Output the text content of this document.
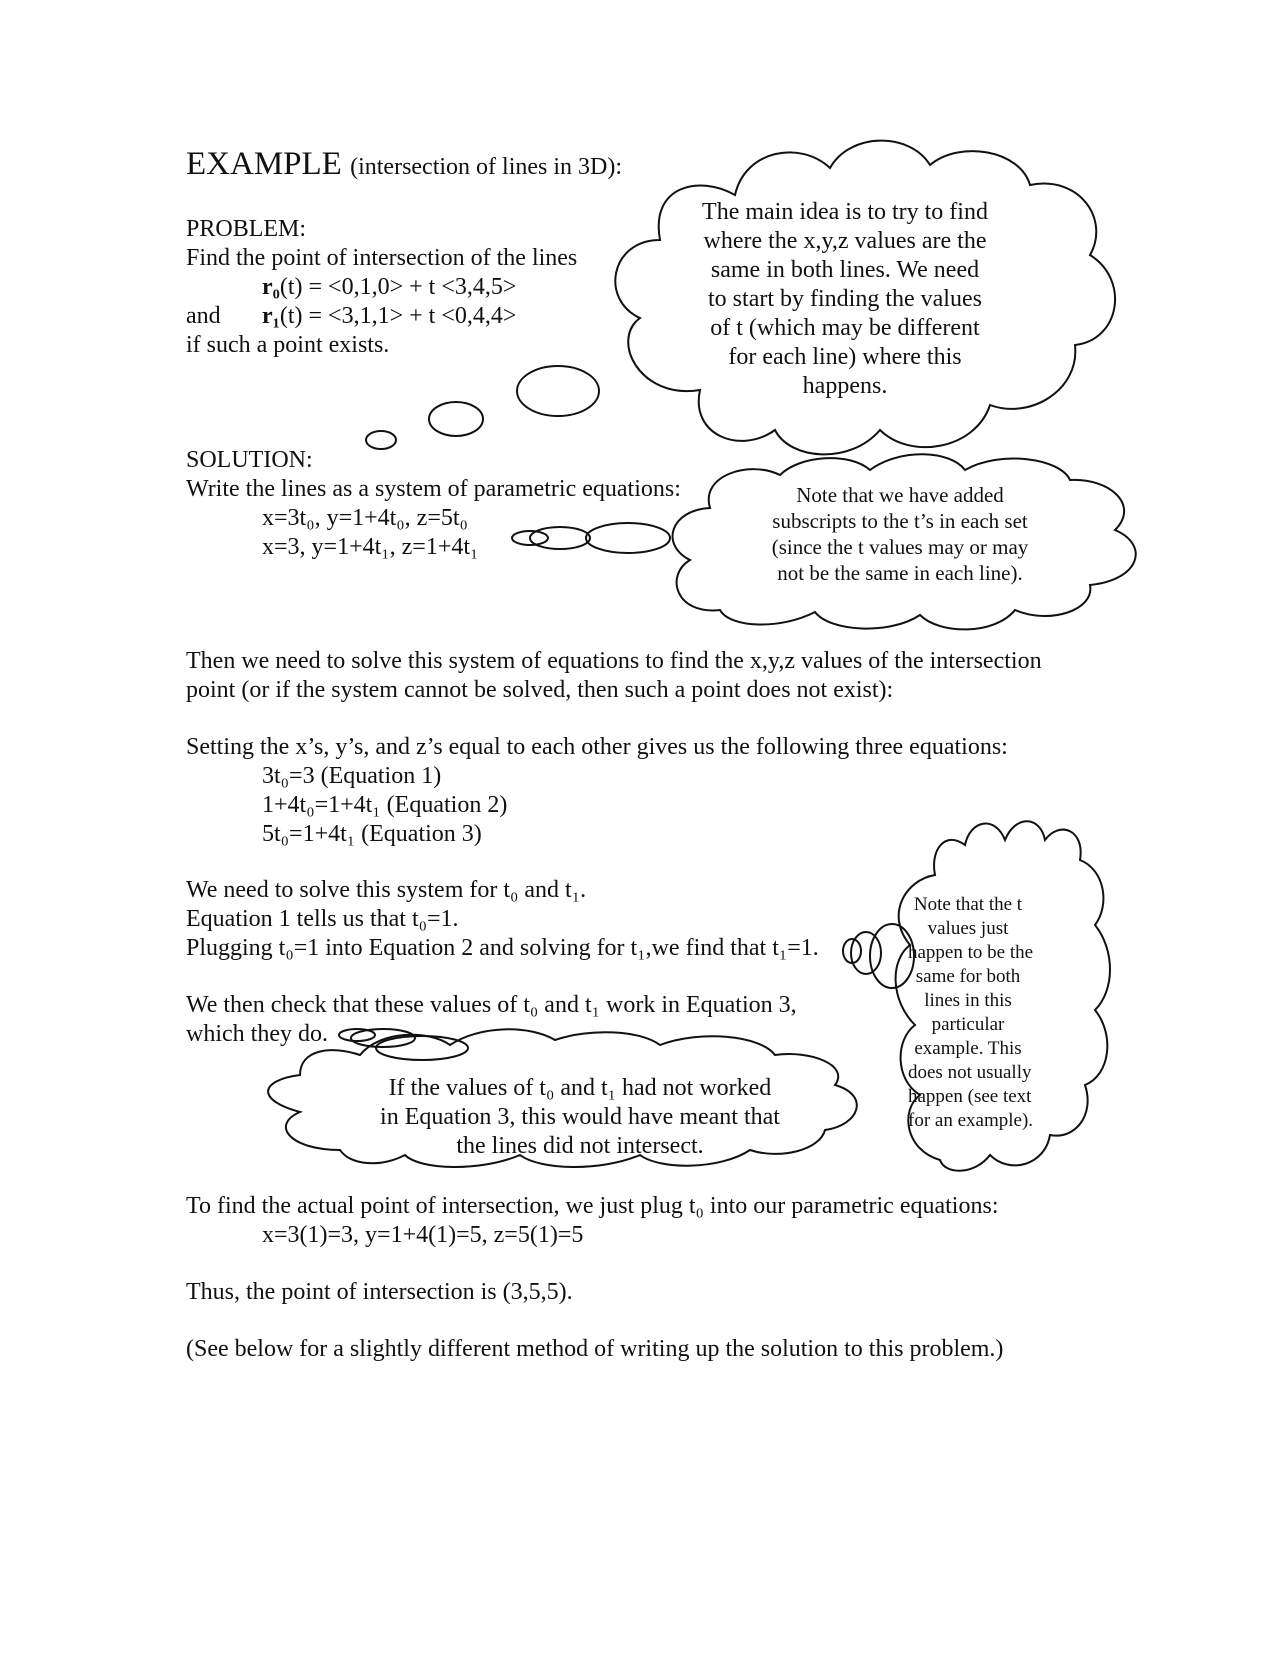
EXAMPLE (intersection of lines in 3D):
PROBLEM:
Find the point of intersection of the lines
r₀(t) = <0,1,0> + t <3,4,5>
and r₁(t) = <3,1,1> + t <0,4,4>
if such a point exists.
SOLUTION:
Write the lines as a system of parametric equations:
x=3t₀, y=1+4t₀, z=5t₀
x=3, y=1+4t₁, z=1+4t₁
Then we need to solve this system of equations to find the x,y,z values of the intersection
point (or if the system cannot be solved, then such a point does not exist):
Setting the x’s, y’s, and z’s equal to each other gives us the following three equations:
3t₀=3 (Equation 1)
1+4t₀=1+4t₁ (Equation 2)
5t₀=1+4t₁ (Equation 3)
We need to solve this system for t₀ and t₁.
Equation 1 tells us that t₀=1.
Plugging t₀=1 into Equation 2 and solving for t₁,we find that t₁=1.
We then check that these values of t₀ and t₁ work in Equation 3,
which they do.
To find the actual point of intersection, we just plug t₀ into our parametric equations:
x=3(1)=3, y=1+4(1)=5, z=5(1)=5
Thus, the point of intersection is (3,5,5).
(See below for a slightly different method of writing up the solution to this problem.)
The main idea is to try to find
where the x,y,z values are the
same in both lines. We need
to start by finding the values
of t (which may be different
for each line) where this
happens.
Note that we have added
subscripts to the t’s in each set
(since the t values may or may
not be the same in each line).
Note that the t
values just
happen to be the
same for both
lines in this
particular
example. This
does not usually
happen (see text
for an example).
If the values of t₀ and t₁ had not worked
in Equation 3, this would have meant that
the lines did not intersect.
